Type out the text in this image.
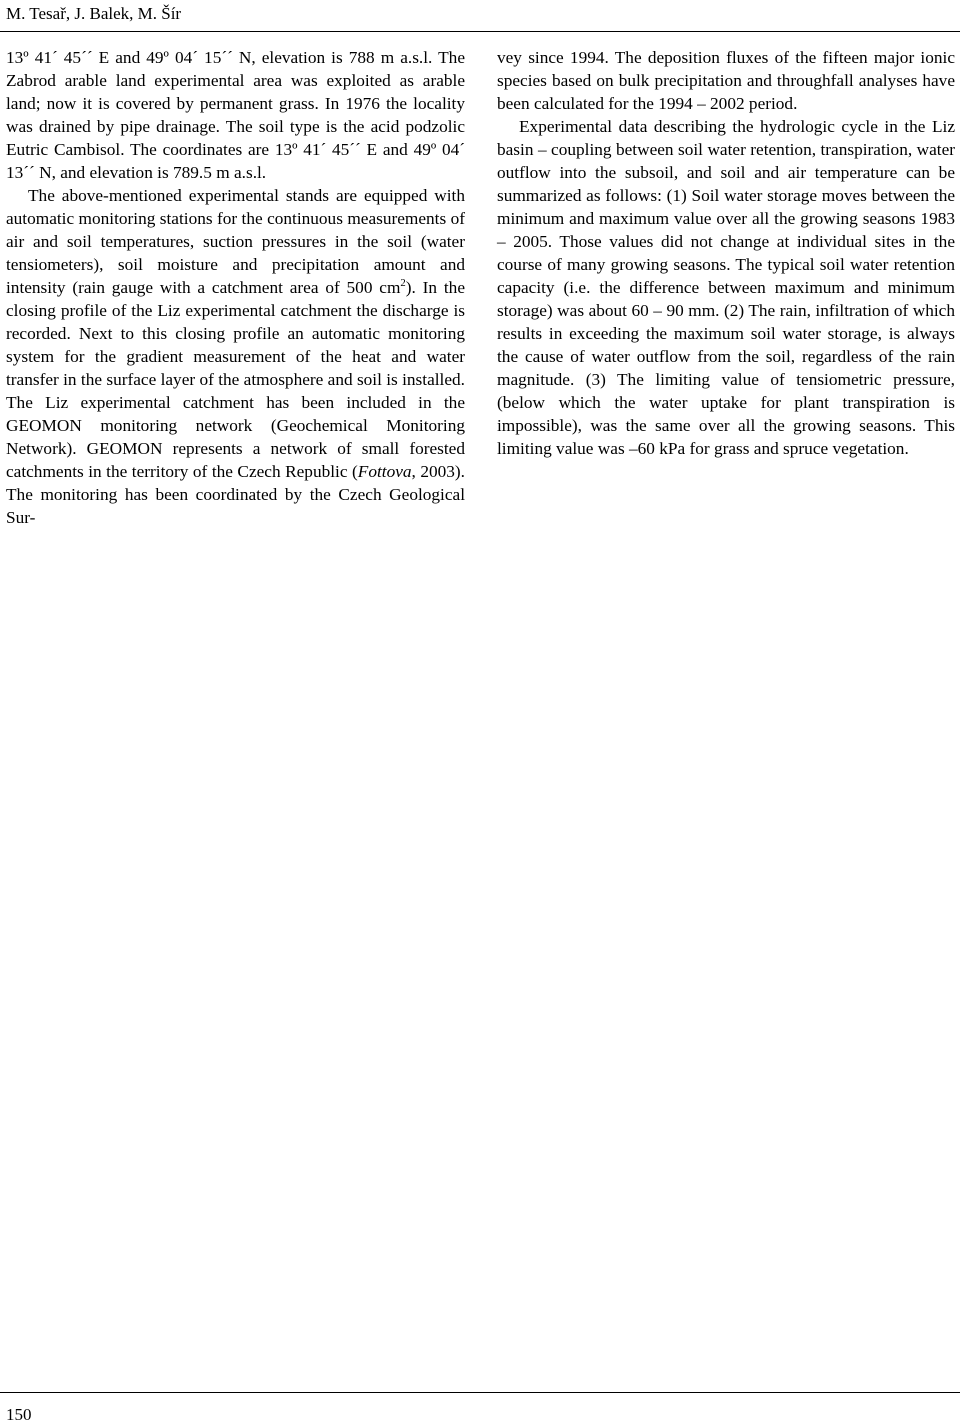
M. Tesař, J. Balek, M. Šír

13º 41´ 45´´ E and 49º 04´ 15´´ N, elevation is 788 m a.s.l. The Zabrod arable land experimental area was exploited as arable land; now it is covered by permanent grass. In 1976 the locality was drained by pipe drainage. The soil type is the acid podzolic Eutric Cambisol. The coordinates are 13º 41´ 45´´ E and 49º 04´ 13´´ N, and elevation is 789.5 m a.s.l.

The above-mentioned experimental stands are equipped with automatic monitoring stations for the continuous measurements of air and soil temperatures, suction pressures in the soil (water tensiometers), soil moisture and precipitation amount and intensity (rain gauge with a catchment area of 500 $cm^2$). In the closing profile of the Liz experimental catchment the discharge is recorded. Next to this closing profile an automatic monitoring system for the gradient measurement of the heat and water transfer in the surface layer of the atmosphere and soil is installed. The Liz experimental catchment has been included in the GEOMON monitoring network (Geochemical Monitoring Network). GEOMON represents a network of small forested catchments in the territory of the Czech Republic (Fottova, 2003). The monitoring has been coordinated by the Czech Geological Sur-

vey since 1994. The deposition fluxes of the fifteen major ionic species based on bulk precipitation and throughfall analyses have been calculated for the 1994 – 2002 period.

Experimental data describing the hydrologic cycle in the Liz basin – coupling between soil water retention, transpiration, water outflow into the subsoil, and soil and air temperature can be summarized as follows: (1) Soil water storage moves between the minimum and maximum value over all the growing seasons 1983 – 2005. Those values did not change at individual sites in the course of many growing seasons. The typical soil water retention capacity (i.e. the difference between maximum and minimum storage) was about 60 – 90 mm. (2) The rain, infiltration of which results in exceeding the maximum soil water storage, is always the cause of water outflow from the soil, regardless of the rain magnitude. (3) The limiting value of tensiometric pressure, (below which the water uptake for plant transpiration is impossible), was the same over all the growing seasons. This limiting value was –60 kPa for grass and spruce vegetation.

150
